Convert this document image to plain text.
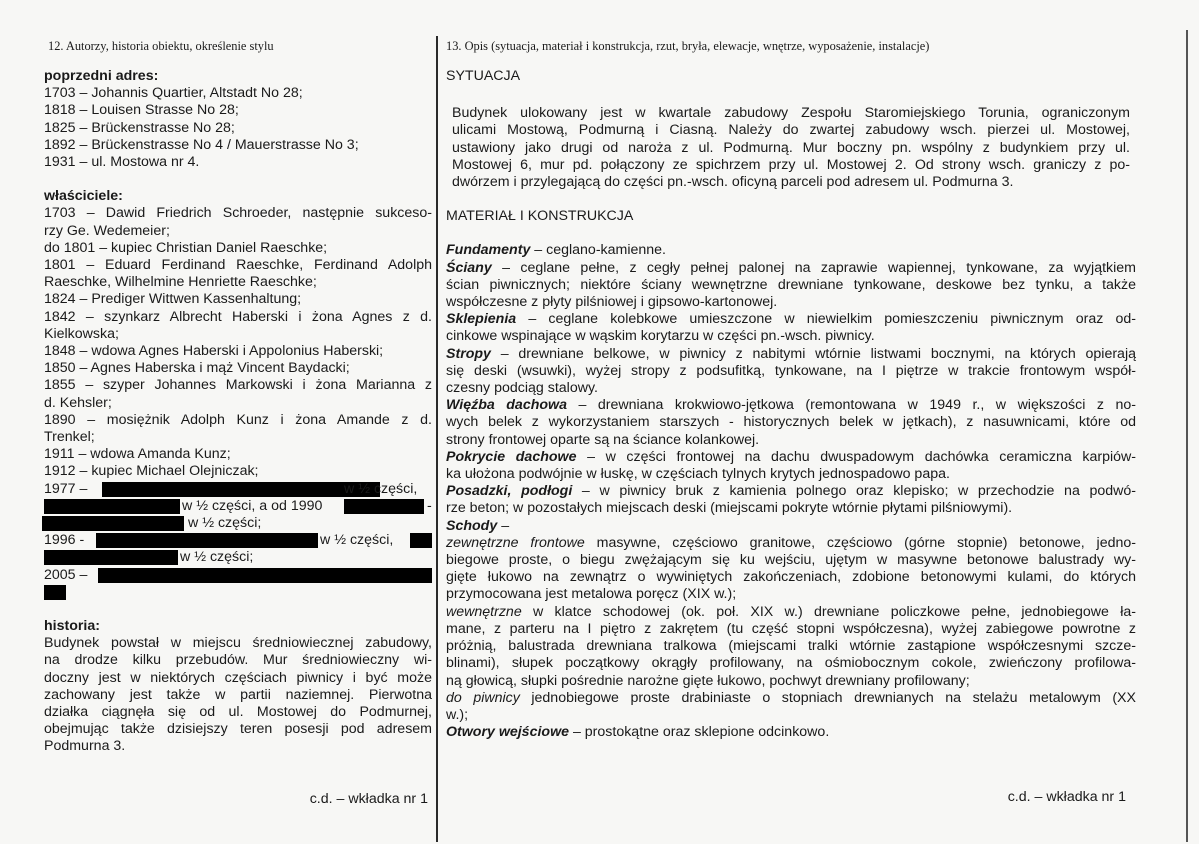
12. Autorzy, historia obiektu, określenie stylu
poprzedni adres:
1703 – Johannis Quartier, Altstadt No 28;
1818 – Louisen Strasse No 28;
1825 – Brückenstrasse No 28;
1892 – Brückenstrasse No 4 / Mauerstrasse No 3;
1931 – ul. Mostowa nr 4.
właściciele:
1703 – Dawid Friedrich Schroeder, następnie sukceso-
rzy Ge. Wedemeier;
do 1801 – kupiec Christian Daniel Raeschke;
1801 – Eduard Ferdinand Raeschke, Ferdinand Adolph
Raeschke, Wilhelmine Henriette Raeschke;
1824 – Prediger Wittwen Kassenhaltung;
1842 – szynkarz Albrecht Haberski i żona Agnes z d.
Kielkowska;
1848 – wdowa Agnes Haberski i Appolonius Haberski;
1850 – Agnes Haberska i mąż Vincent Baydacki;
1855 – szyper Johannes Markowski i żona Marianna z
d. Kehsler;
1890 – mosiężnik Adolph Kunz i żona Amande z d.
Trenkel;
1911 – wdowa Amanda Kunz;
1912 – kupiec Michael Olejniczak;
1977 –	w ½ części,
w ½ części, a od 1990	-
w ½ części;
1996 -	w ½ części,
w ½ części;
2005 –
historia:
Budynek powstał w miejscu średniowiecznej zabudowy,
na drodze kilku przebudów. Mur średniowieczny wi-
doczny jest w niektórych częściach piwnicy i być może
zachowany jest także w partii naziemnej. Pierwotna
działka ciągnęła się od ul. Mostowej do Podmurnej,
obejmując także dzisiejszy teren posesji pod adresem
Podmurna 3.
c.d. – wkładka nr 1
13. Opis (sytuacja, materiał i konstrukcja, rzut, bryła, elewacje, wnętrze, wyposażenie, instalacje)
SYTUACJA
Budynek ulokowany jest w kwartale zabudowy Zespołu Staromiejskiego Torunia, ograniczonym
ulicami Mostową, Podmurną i Ciasną. Należy do zwartej zabudowy wsch. pierzei ul. Mostowej,
ustawiony jako drugi od naroża z ul. Podmurną. Mur boczny pn. wspólny z budynkiem przy ul.
Mostowej 6, mur pd. połączony ze spichrzem przy ul. Mostowej 2. Od strony wsch. graniczy z po-
dwórzem i przylegającą do części pn.-wsch. oficyną parceli pod adresem ul. Podmurna 3.
MATERIAŁ I KONSTRUKCJA
Fundamenty – ceglano-kamienne.
Ściany – ceglane pełne, z cegły pełnej palonej na zaprawie wapiennej, tynkowane, za wyjątkiem
ścian piwnicznych; niektóre ściany wewnętrzne drewniane tynkowane, deskowe bez tynku, a także
współczesne z płyty pilśniowej i gipsowo-kartonowej.
Sklepienia – ceglane kolebkowe umieszczone w niewielkim pomieszczeniu piwnicznym oraz od-
cinkowe wspinające w wąskim korytarzu w części pn.-wsch. piwnicy.
Stropy – drewniane belkowe, w piwnicy z nabitymi wtórnie listwami bocznymi, na których opierają
się deski (wsuwki), wyżej stropy z podsufitką, tynkowane, na I piętrze w trakcie frontowym współ-
czesny podciąg stalowy.
Więźba dachowa – drewniana krokwiowo-jętkowa (remontowana w 1949 r., w większości z no-
wych belek z wykorzystaniem starszych - historycznych belek w jętkach), z nasuwnicami, które od
strony frontowej oparte są na ściance kolankowej.
Pokrycie dachowe – w części frontowej na dachu dwuspadowym dachówka ceramiczna karpiów-
ka ułożona podwójnie w łuskę, w częściach tylnych krytych jednospadowo papa.
Posadzki, podłogi – w piwnicy bruk z kamienia polnego oraz klepisko; w przechodzie na podwó-
rze beton; w pozostałych miejscach deski (miejscami pokryte wtórnie płytami pilśniowymi).
Schody –
zewnętrzne frontowe masywne, częściowo granitowe, częściowo (górne stopnie) betonowe, jedno-
biegowe proste, o biegu zwężającym się ku wejściu, ujętym w masywne betonowe balustrady wy-
gięte łukowo na zewnątrz o wywiniętych zakończeniach, zdobione betonowymi kulami, do których
przymocowana jest metalowa poręcz (XIX w.);
wewnętrzne w klatce schodowej (ok. poł. XIX w.) drewniane policzkowe pełne, jednobiegowe ła-
mane, z parteru na I piętro z zakrętem (tu część stopni współczesna), wyżej zabiegowe powrotne z
próżnią, balustrada drewniana tralkowa (miejscami tralki wtórnie zastąpione współczesnymi szcze-
blinami), słupek początkowy okrągły profilowany, na ośmiobocznym cokole, zwieńczony profilowa-
ną głowicą, słupki pośrednie narożne gięte łukowo, pochwyt drewniany profilowany;
do piwnicy jednobiegowe proste drabiniaste o stopniach drewnianych na stelażu metalowym (XX
w.);
Otwory wejściowe – prostokątne oraz sklepione odcinkowo.
c.d. – wkładka nr 1
